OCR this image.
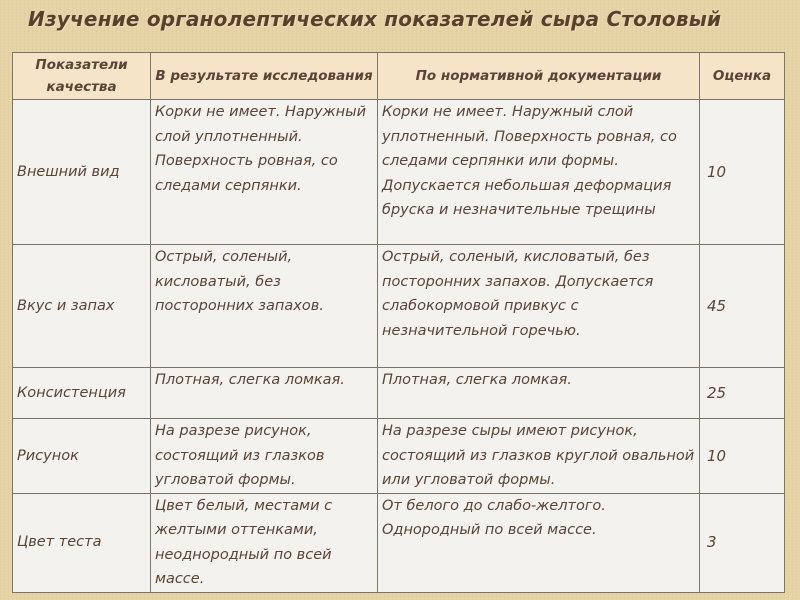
Изучение органолептических показателей сыра Столовый
Показатели качества	В результате исследования	По нормативной документации	Оценка
Внешний вид	Корки не имеет. Наружный слой уплотненный. Поверхность ровная, со следами серпянки.	Корки не имеет. Наружный слой уплотненный. Поверхность ровная, со следами серпянки или формы. Допускается небольшая деформация бруска и незначительные трещины	10
Вкус и запах	Острый, соленый, кисловатый, без посторонних запахов.	Острый, соленый, кисловатый, без посторонних запахов. Допускается слабокормовой привкус с незначительной горечью.	45
Консистенция	Плотная, слегка ломкая.	Плотная, слегка ломкая.	25
Рисунок	На разрезе рисунок, состоящий из глазков угловатой формы.	На разрезе сыры имеют рисунок, состоящий из глазков круглой овальной или угловатой формы.	10
Цвет теста	Цвет белый, местами с желтыми оттенками, неоднородный по всей массе.	От белого до слабо-желтого. Однородный по всей массе.	3
